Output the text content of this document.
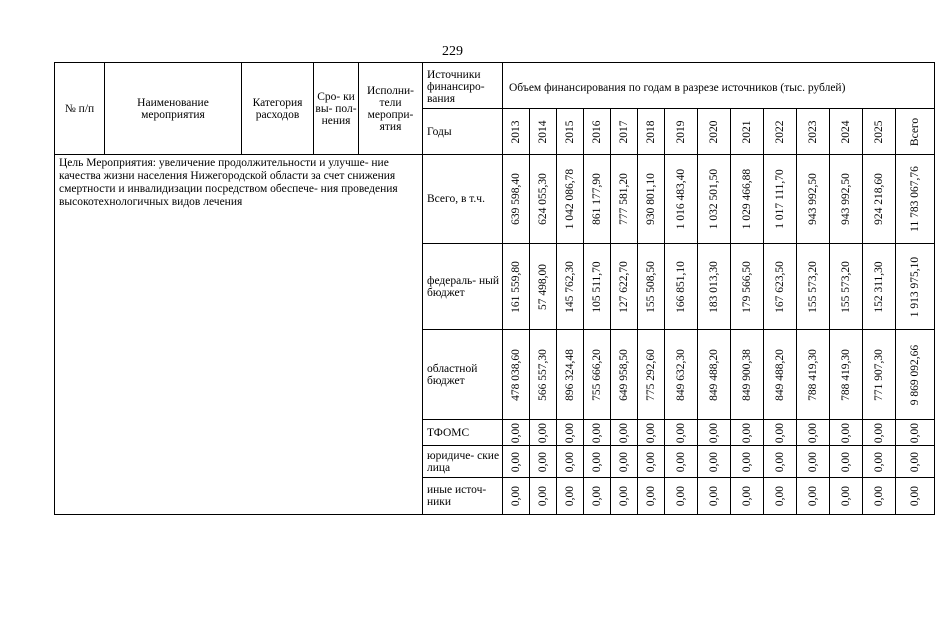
229
№ п/п	Наименование мероприятия	Категория расходов	Сро- ки вы- пол- нения	Исполни- тели меропри- ятия	Источники финансиро- вания	Объем финансирования по годам в разрезе источников (тыс. рублей)													
					Годы	2013	2014	2015	2016	2017	2018	2019	2020	2021	2022	2023	2024	2025	Всего

Цель Мероприятия: увеличение продолжительности и улучше- ние качества жизни населения Нижегородской области за счет снижения смертности и инвалидизации посредством обеспече- ния проведения высокотехнологичных видов лечения					Всего, в т.ч.	639 598,40	624 055,30	1 042 086,78	861 177,90	777 581,20	930 801,10	1 016 483,40	1 032 501,50	1 029 466,88	1 017 111,70	943 992,50	943 992,50	924 218,60	11 783 067,76

					федераль- ный бюджет	161 559,80	57 498,00	145 762,30	105 511,70	127 622,70	155 508,50	166 851,10	183 013,30	179 566,50	167 623,50	155 573,20	155 573,20	152 311,30	1 913 975,10

					областной бюджет	478 038,60	566 557,30	896 324,48	755 666,20	649 958,50	775 292,60	849 632,30	849 488,20	849 900,38	849 488,20	788 419,30	788 419,30	771 907,30	9 869 092,66

					ТФОМС	0,00	0,00	0,00	0,00	0,00	0,00	0,00	0,00	0,00	0,00	0,00	0,00	0,00	0,00

					юридиче- ские лица	0,00	0,00	0,00	0,00	0,00	0,00	0,00	0,00	0,00	0,00	0,00	0,00	0,00	0,00

					иные источ- ники	0,00	0,00	0,00	0,00	0,00	0,00	0,00	0,00	0,00	0,00	0,00	0,00	0,00	0,00
